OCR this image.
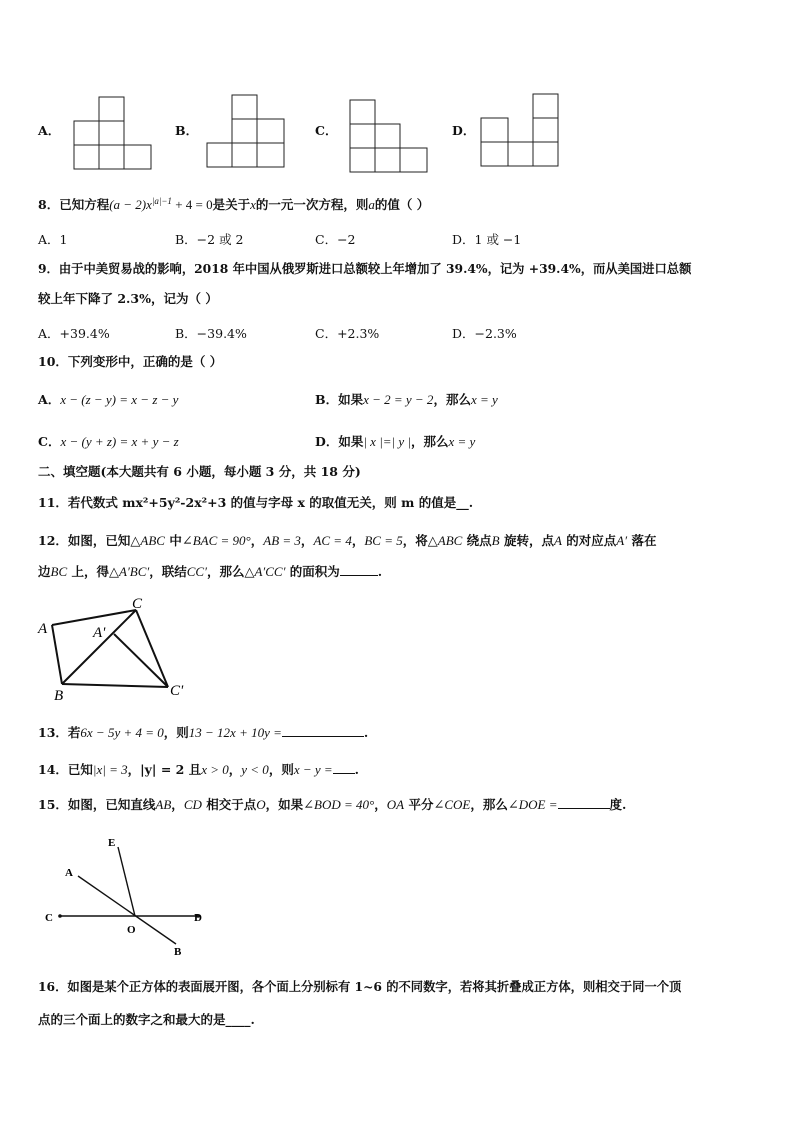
A．	B．	C．	D．
8．已知方程$(a - 2)x^{|a|-1} + 4 = 0$是关于x的一元一次方程，则a的值（ ）
A．1	B．−2 或 2	C．−2	D．1 或 −1
9．由于中美贸易战的影响，2018 年中国从俄罗斯进口总额较上年增加了 39.4%，记为 +39.4%，而从美国进口总额
较上年下降了 2.3%，记为（ ）
A．+39.4%	B．−39.4%	C．+2.3%	D．−2.3%
10．下列变形中，正确的是（ ）
A．x − (z − y) = x − z − y	B．如果x − 2 = y − 2，那么x = y
C．x − (y + z) = x + y − z	D．如果| x |=| y |，那么x = y
二、填空题(本大题共有 6 小题，每小题 3 分，共 18 分)
11．若代数式 mx²+5y²-2x²+3 的值与字母 x 的取值无关，则 m 的值是__.
12．如图，已知△ABC 中∠BAC = 90°，AB = 3，AC = 4，BC = 5，将△ABC 绕点B 旋转，点A 的对应点A′ 落在
边BC 上，得△A′BC′，联结CC′，那么△A′CC′ 的面积为	.
A
C
A'
B	C'
13．若6x − 5y + 4 = 0，则13 − 12x + 10y =	.
14．已知|x| = 3，|y| = 2 且x > 0，y < 0，则x − y = .
15．如图，已知直线AB，CD 相交于点O，如果∠BOD = 40°，OA 平分∠COE，那么∠DOE =	度.
E
A
C	D
O
B
16．如图是某个正方体的表面展开图，各个面上分别标有 1~6 的不同数字，若将其折叠成正方体，则相交于同一个顶
点的三个面上的数字之和最大的是____.
